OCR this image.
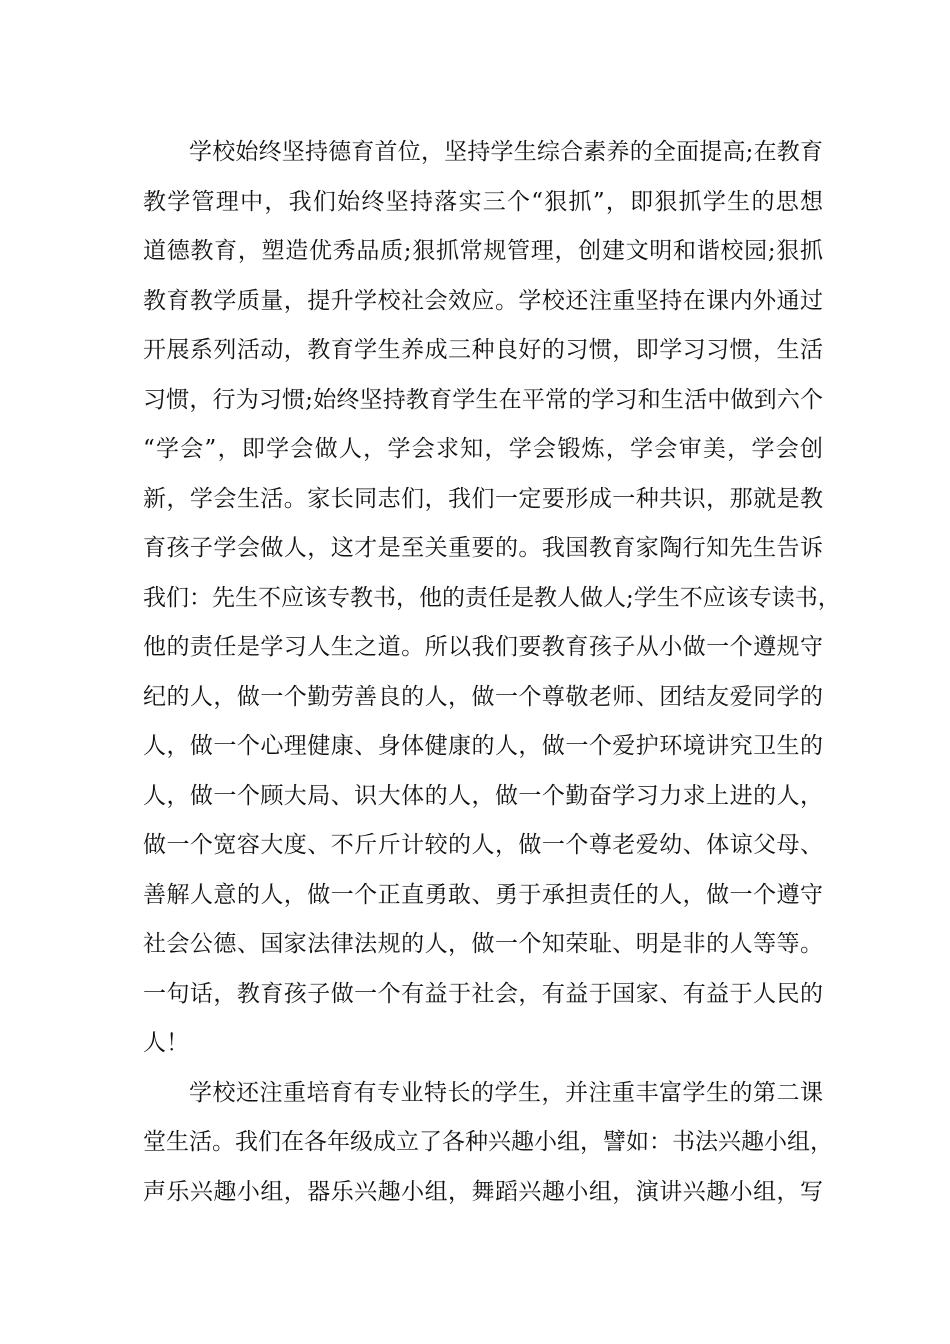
学校始终坚持德育首位，坚持学生综合素养的全面提高;在教育
教学管理中，我们始终坚持落实三个“狠抓”，即狠抓学生的思想
道德教育，塑造优秀品质;狠抓常规管理，创建文明和谐校园;狠抓
教育教学质量，提升学校社会效应。学校还注重坚持在课内外通过
开展系列活动，教育学生养成三种良好的习惯，即学习习惯，生活
习惯，行为习惯;始终坚持教育学生在平常的学习和生活中做到六个
“学会”，即学会做人，学会求知，学会锻炼，学会审美，学会创
新，学会生活。家长同志们，我们一定要形成一种共识，那就是教
育孩子学会做人，这才是至关重要的。我国教育家陶行知先生告诉
我们：先生不应该专教书，他的责任是教人做人;学生不应该专读书，
他的责任是学习人生之道。所以我们要教育孩子从小做一个遵规守
纪的人，做一个勤劳善良的人，做一个尊敬老师、团结友爱同学的
人，做一个心理健康、身体健康的人，做一个爱护环境讲究卫生的
人，做一个顾大局、识大体的人，做一个勤奋学习力求上进的人，
做一个宽容大度、不斤斤计较的人，做一个尊老爱幼、体谅父母、
善解人意的人，做一个正直勇敢、勇于承担责任的人，做一个遵守
社会公德、国家法律法规的人，做一个知荣耻、明是非的人等等。
一句话，教育孩子做一个有益于社会，有益于国家、有益于人民的
人！
学校还注重培育有专业特长的学生，并注重丰富学生的第二课
堂生活。我们在各年级成立了各种兴趣小组，譬如：书法兴趣小组，
声乐兴趣小组，器乐兴趣小组，舞蹈兴趣小组，演讲兴趣小组，写
